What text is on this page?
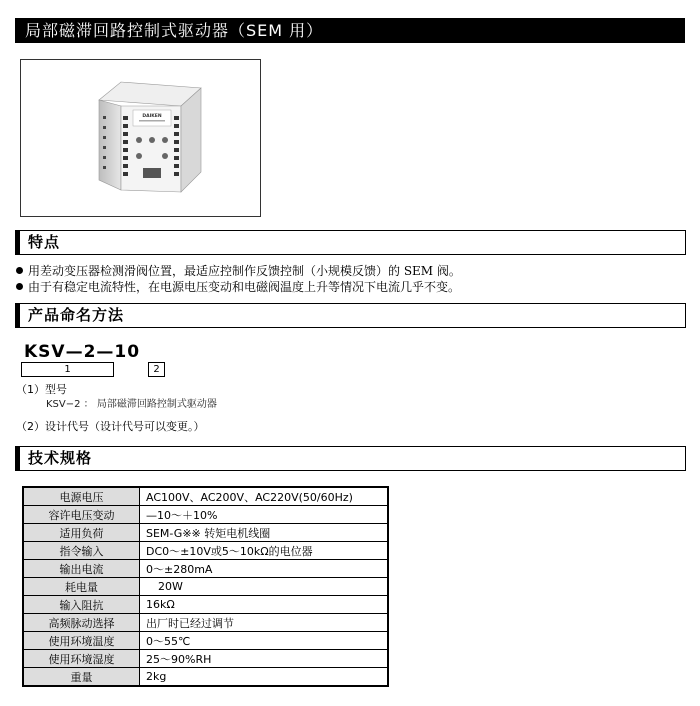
局部磁滞回路控制式驱动器（SEM 用）
DAIKEN
特点
用差动变压器检测滑阀位置，最适应控制作反馈控制（小规模反馈）的 SEM 阀。
由于有稳定电流特性，在电源电压变动和电磁阀温度上升等情况下电流几乎不变。
产品命名方法
KSV—2—10
1	2
（1）型号
KSV−2 ： 局部磁滞回路控制式驱动器
（2）设计代号（设计代号可以变更。）
技术规格
电源电压	AC100V、AC200V、AC220V(50/60Hz)
容许电压变动	—10～＋10%
适用负荷	SEM-G※※ 转矩电机线圈
指令输入	DC0～±10V或5～10kΩ的电位器
输出电流	0～±280mA
耗电量	20W
输入阻抗	16kΩ
高频脉动选择	出厂时已经过调节
使用环境温度	0～55℃
使用环境湿度	25～90%RH
重量	2kg
